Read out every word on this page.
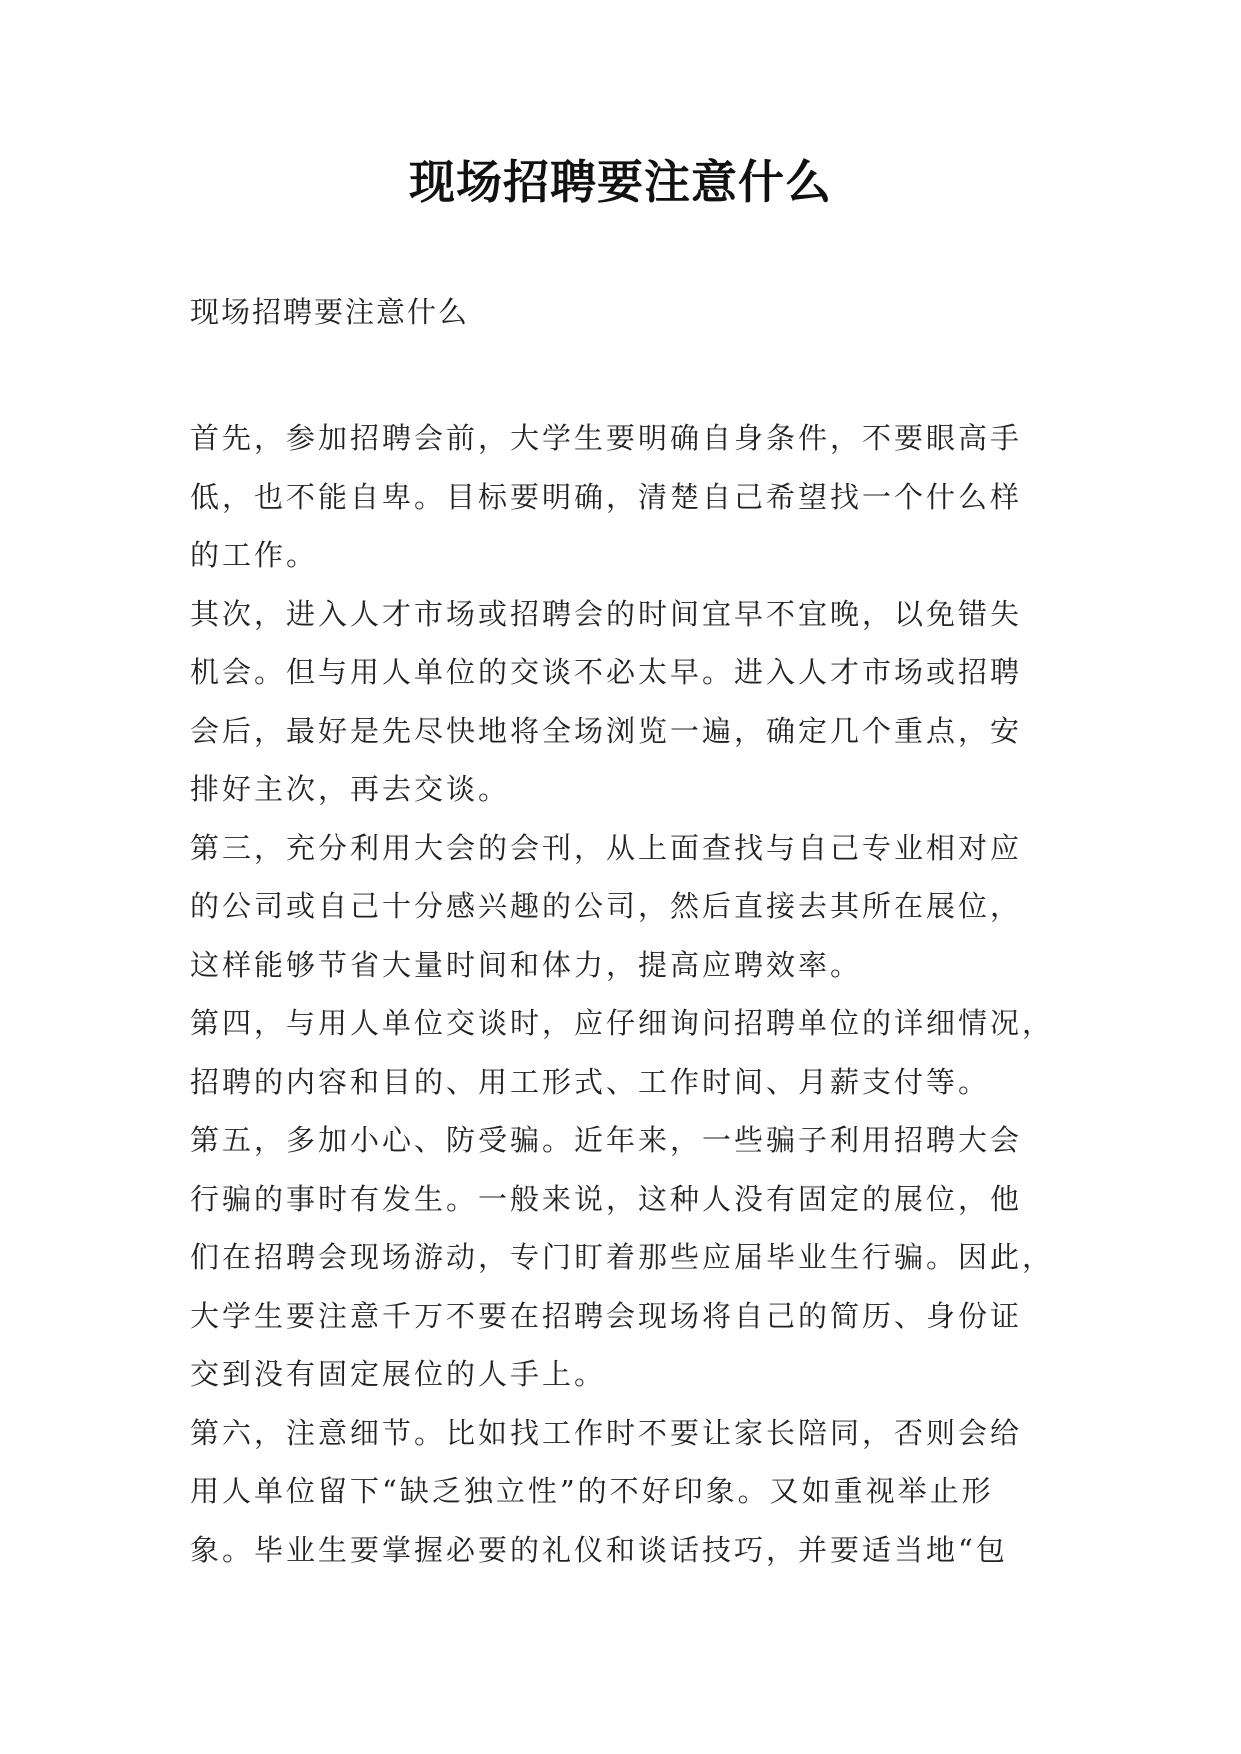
现场招聘要注意什么
现场招聘要注意什么
首先，参加招聘会前，大学生要明确自身条件，不要眼高手
低，也不能自卑。目标要明确，清楚自己希望找一个什么样
的工作。
其次，进入人才市场或招聘会的时间宜早不宜晚，以免错失
机会。但与用人单位的交谈不必太早。进入人才市场或招聘
会后，最好是先尽快地将全场浏览一遍，确定几个重点，安
排好主次，再去交谈。
第三，充分利用大会的会刊，从上面查找与自己专业相对应
的公司或自己十分感兴趣的公司，然后直接去其所在展位，
这样能够节省大量时间和体力，提高应聘效率。
第四，与用人单位交谈时，应仔细询问招聘单位的详细情况，
招聘的内容和目的、用工形式、工作时间、月薪支付等。
第五，多加小心、防受骗。近年来，一些骗子利用招聘大会
行骗的事时有发生。一般来说，这种人没有固定的展位，他
们在招聘会现场游动，专门盯着那些应届毕业生行骗。因此，
大学生要注意千万不要在招聘会现场将自己的简历、身份证
交到没有固定展位的人手上。
第六，注意细节。比如找工作时不要让家长陪同，否则会给
用人单位留下“缺乏独立性”的不好印象。又如重视举止形
象。毕业生要掌握必要的礼仪和谈话技巧，并要适当地“包
